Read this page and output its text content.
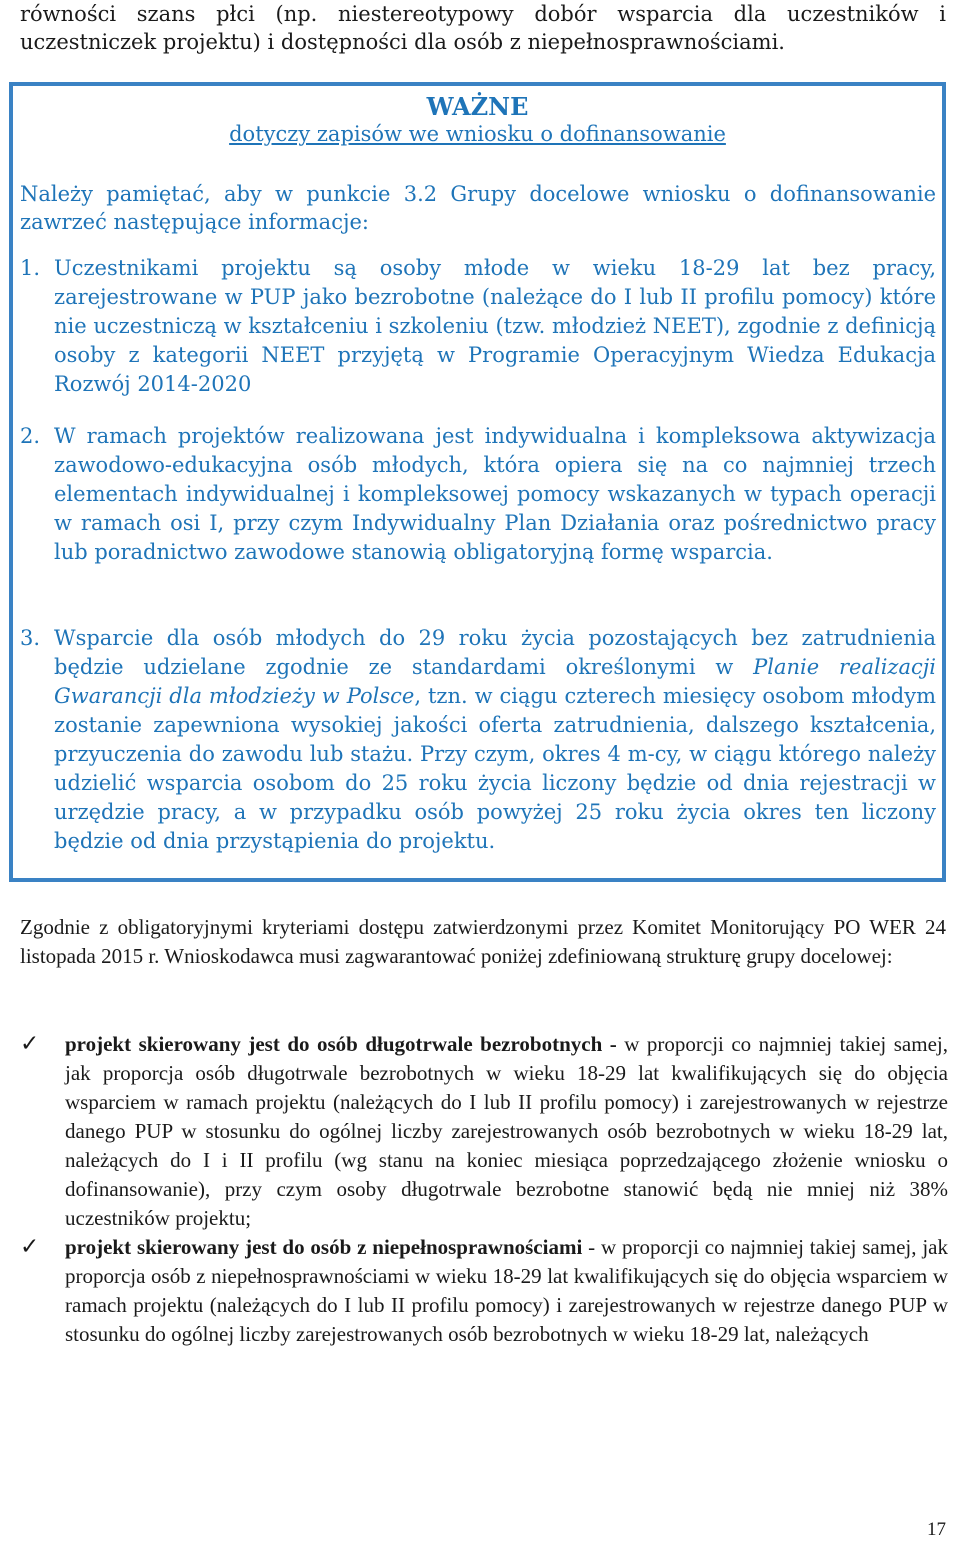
równości szans płci (np. niestereotypowy dobór wsparcia dla uczestników i uczestniczek projektu) i dostępności dla osób z niepełnosprawnościami.
WAŻNE
dotyczy zapisów we wniosku o dofinansowanie
Należy pamiętać, aby w punkcie 3.2 Grupy docelowe wniosku o dofinansowanie zawrzeć następujące informacje:
1. Uczestnikami projektu są osoby młode w wieku 18-29 lat bez pracy, zarejestrowane w PUP jako bezrobotne (należące do I lub II profilu pomocy) które nie uczestniczą w kształceniu i szkoleniu (tzw. młodzież NEET), zgodnie z definicją osoby z kategorii NEET przyjętą w Programie Operacyjnym Wiedza Edukacja Rozwój 2014-2020
2. W ramach projektów realizowana jest indywidualna i kompleksowa aktywizacja zawodowo-edukacyjna osób młodych, która opiera się na co najmniej trzech elementach indywidualnej i kompleksowej pomocy wskazanych w typach operacji w ramach osi I, przy czym Indywidualny Plan Działania oraz pośrednictwo pracy lub poradnictwo zawodowe stanowią obligatoryjną formę wsparcia.
3. Wsparcie dla osób młodych do 29 roku życia pozostających bez zatrudnienia będzie udzielane zgodnie ze standardami określonymi w Planie realizacji Gwarancji dla młodzieży w Polsce, tzn. w ciągu czterech miesięcy osobom młodym zostanie zapewniona wysokiej jakości oferta zatrudnienia, dalszego kształcenia, przyuczenia do zawodu lub stażu. Przy czym, okres 4 m-cy, w ciągu którego należy udzielić wsparcia osobom do 25 roku życia liczony będzie od dnia rejestracji w urzędzie pracy, a w przypadku osób powyżej 25 roku życia okres ten liczony będzie od dnia przystąpienia do projektu.
Zgodnie z obligatoryjnymi kryteriami dostępu zatwierdzonymi przez Komitet Monitorujący PO WER 24 listopada 2015 r. Wnioskodawca musi zagwarantować poniżej zdefiniowaną strukturę grupy docelowej:
✓	projekt skierowany jest do osób długotrwale bezrobotnych - w proporcji co najmniej takiej samej, jak proporcja osób długotrwale bezrobotnych w wieku 18-29 lat kwalifikujących się do objęcia wsparciem w ramach projektu (należących do I lub II profilu pomocy) i zarejestrowanych w rejestrze danego PUP w stosunku do ogólnej liczby zarejestrowanych osób bezrobotnych w wieku 18-29 lat, należących do I i II profilu (wg stanu na koniec miesiąca poprzedzającego złożenie wniosku o dofinansowanie), przy czym osoby długotrwale bezrobotne stanowić będą nie mniej niż 38% uczestników projektu;
✓	projekt skierowany jest do osób z niepełnosprawnościami - w proporcji co najmniej takiej samej, jak proporcja osób z niepełnosprawnościami w wieku 18-29 lat kwalifikujących się do objęcia wsparciem w ramach projektu (należących do I lub II profilu pomocy) i zarejestrowanych w rejestrze danego PUP w stosunku do ogólnej liczby zarejestrowanych osób bezrobotnych w wieku 18-29 lat, należących
17
